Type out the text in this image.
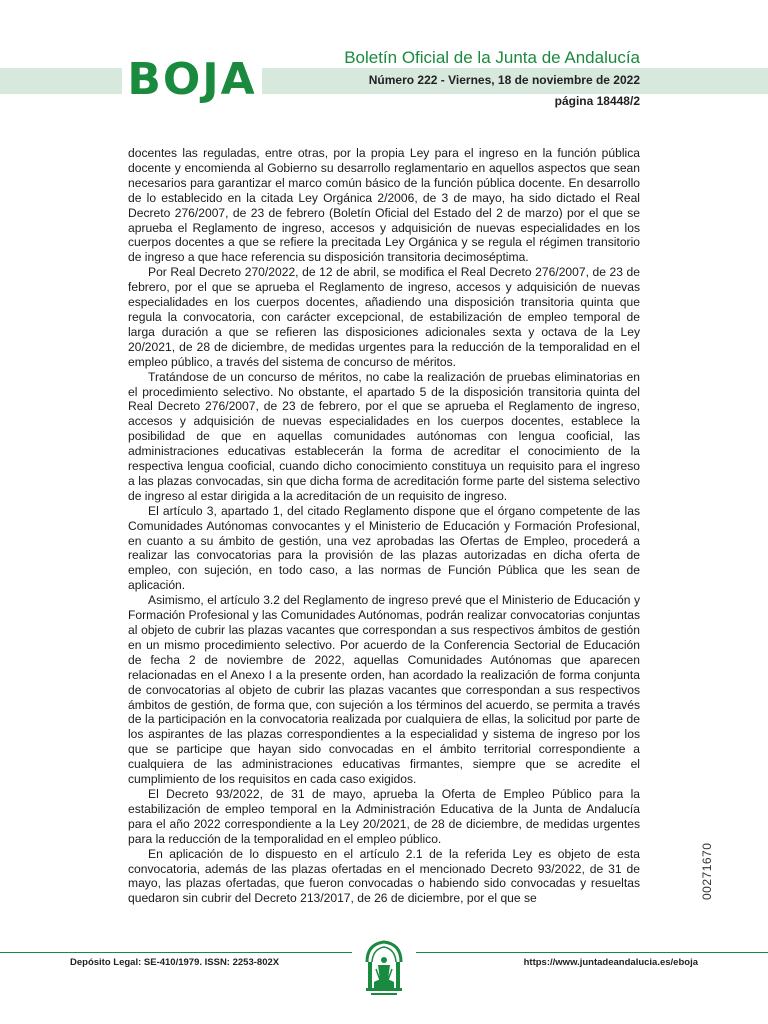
BOJA	Boletín Oficial de la Junta de Andalucía
Número 222 - Viernes, 18 de noviembre de 2022
página 18448/2

docentes las reguladas, entre otras, por la propia Ley para el ingreso en la función pública docente y encomienda al Gobierno su desarrollo reglamentario en aquellos aspectos que sean necesarios para garantizar el marco común básico de la función pública docente. En desarrollo de lo establecido en la citada Ley Orgánica 2/2006, de 3 de mayo, ha sido dictado el Real Decreto 276/2007, de 23 de febrero (Boletín Oficial del Estado del 2 de marzo) por el que se aprueba el Reglamento de ingreso, accesos y adquisición de nuevas especialidades en los cuerpos docentes a que se refiere la precitada Ley Orgánica y se regula el régimen transitorio de ingreso a que hace referencia su disposición transitoria decimoséptima.

Por Real Decreto 270/2022, de 12 de abril, se modifica el Real Decreto 276/2007, de 23 de febrero, por el que se aprueba el Reglamento de ingreso, accesos y adquisición de nuevas especialidades en los cuerpos docentes, añadiendo una disposición transitoria quinta que regula la convocatoria, con carácter excepcional, de estabilización de empleo temporal de larga duración a que se refieren las disposiciones adicionales sexta y octava de la Ley 20/2021, de 28 de diciembre, de medidas urgentes para la reducción de la temporalidad en el empleo público, a través del sistema de concurso de méritos.

Tratándose de un concurso de méritos, no cabe la realización de pruebas eliminatorias en el procedimiento selectivo. No obstante, el apartado 5 de la disposición transitoria quinta del Real Decreto 276/2007, de 23 de febrero, por el que se aprueba el Reglamento de ingreso, accesos y adquisición de nuevas especialidades en los cuerpos docentes, establece la posibilidad de que en aquellas comunidades autónomas con lengua cooficial, las administraciones educativas establecerán la forma de acreditar el conocimiento de la respectiva lengua cooficial, cuando dicho conocimiento constituya un requisito para el ingreso a las plazas convocadas, sin que dicha forma de acreditación forme parte del sistema selectivo de ingreso al estar dirigida a la acreditación de un requisito de ingreso.

El artículo 3, apartado 1, del citado Reglamento dispone que el órgano competente de las Comunidades Autónomas convocantes y el Ministerio de Educación y Formación Profesional, en cuanto a su ámbito de gestión, una vez aprobadas las Ofertas de Empleo, procederá a realizar las convocatorias para la provisión de las plazas autorizadas en dicha oferta de empleo, con sujeción, en todo caso, a las normas de Función Pública que les sean de aplicación.

Asimismo, el artículo 3.2 del Reglamento de ingreso prevé que el Ministerio de Educación y Formación Profesional y las Comunidades Autónomas, podrán realizar convocatorias conjuntas al objeto de cubrir las plazas vacantes que correspondan a sus respectivos ámbitos de gestión en un mismo procedimiento selectivo. Por acuerdo de la Conferencia Sectorial de Educación de fecha 2 de noviembre de 2022, aquellas Comunidades Autónomas que aparecen relacionadas en el Anexo I a la presente orden, han acordado la realización de forma conjunta de convocatorias al objeto de cubrir las plazas vacantes que correspondan a sus respectivos ámbitos de gestión, de forma que, con sujeción a los términos del acuerdo, se permita a través de la participación en la convocatoria realizada por cualquiera de ellas, la solicitud por parte de los aspirantes de las plazas correspondientes a la especialidad y sistema de ingreso por los que se participe que hayan sido convocadas en el ámbito territorial correspondiente a cualquiera de las administraciones educativas firmantes, siempre que se acredite el cumplimiento de los requisitos en cada caso exigidos.

El Decreto 93/2022, de 31 de mayo, aprueba la Oferta de Empleo Público para la estabilización de empleo temporal en la Administración Educativa de la Junta de Andalucía para el año 2022 correspondiente a la Ley 20/2021, de 28 de diciembre, de medidas urgentes para la reducción de la temporalidad en el empleo público.

En aplicación de lo dispuesto en el artículo 2.1 de la referida Ley es objeto de esta convocatoria, además de las plazas ofertadas en el mencionado Decreto 93/2022, de 31 de mayo, las plazas ofertadas, que fueron convocadas o habiendo sido convocadas y resueltas quedaron sin cubrir del Decreto 213/2017, de 26 de diciembre, por el que se	00271670
Depósito Legal: SE-410/1979. ISSN: 2253-802X	https://www.juntadeandalucia.es/eboja
